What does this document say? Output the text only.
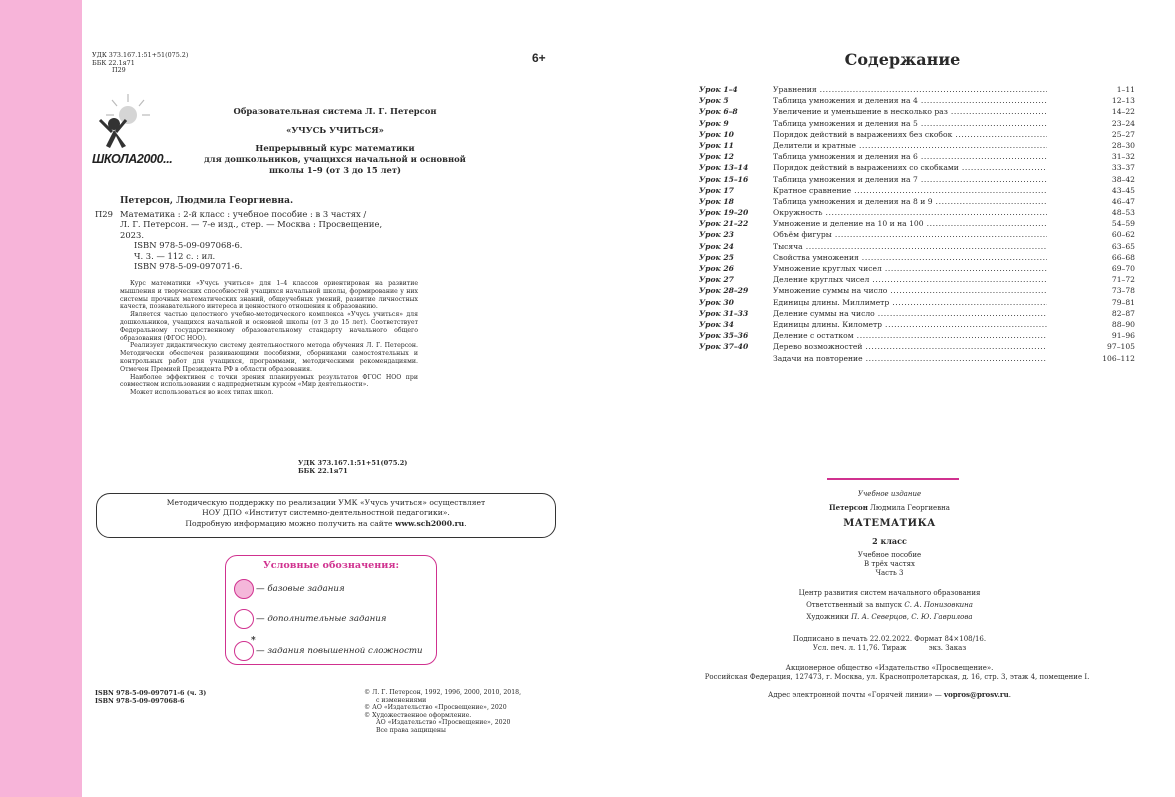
УДК 373.167.1:51+51(075.2)
ББК 22.1я71
П29
6+
ШКОЛА2000...
Образовательная система Л. Г. Петерсон
«УЧУСЬ УЧИТЬСЯ»
Непрерывный курс математики
для дошкольников, учащихся начальной и основной
школы 1–9 (от 3 до 15 лет)
Петерсон, Людмила Георгиевна.
П29 Математика : 2-й класс : учебное пособие : в 3 частях /
Л. Г. Петерсон. — 7-е изд., стер. — Москва : Просвещение,
2023.
ISBN 978-5-09-097068-6.
Ч. 3. — 112 с. : ил.
ISBN 978-5-09-097071-6.

Курс математики «Учусь учиться» для 1–4 классов ориентирован на развитие мышления и творческих способностей учащихся начальной школы, формирование у них системы прочных математических знаний, общеучебных умений, развитие личностных качеств, познавательного интереса и ценностного отношения к образованию.

Является частью целостного учебно-методического комплекса «Учусь учиться» для дошкольников, учащихся начальной и основной школы (от 3 до 15 лет). Соответствует Федеральному государственному образовательному стандарту начального общего образования (ФГОС НОО).

Реализует дидактическую систему деятельностного метода обучения Л. Г. Петерсон. Методически обеспечен развивающими пособиями, сборниками самостоятельных и контрольных работ для учащихся, программами, методическими рекомендациями. Отмечен Премией Президента РФ в области образования.

Наиболее эффективен с точки зрения планируемых результатов ФГОС НОО при совместном использовании с надпредметным курсом «Мир деятельности».

Может использоваться во всех типах школ.

УДК 373.167.1:51+51(075.2)
ББК 22.1я71
Методическую поддержку по реализации УМК «Учусь учиться» осуществляет
НОУ ДПО «Институт системно-деятельностной педагогики».
Подробную информацию можно получить на сайте www.sch2000.ru.
Условные обозначения:
— базовые задания
— дополнительные задания
*
— задания повышенной сложности
ISBN 978-5-09-097071-6 (ч. 3)
ISBN 978-5-09-097068-6
© Л. Г. Петерсон, 1992, 1996, 2000, 2010, 2018,
с изменениями
© АО «Издательство «Просвещение», 2020
© Художественное оформление.
АО «Издательство «Просвещение», 2020
Все права защищены
Содержание
Урок 1–4	Уравнения .....	1–11
Урок 5	Таблица умножения и деления на 4 .....	12–13
Урок 6–8	Увеличение и уменьшение в несколько раз .....	14–22
Урок 9	Таблица умножения и деления на 5 .....	23–24
Урок 10	Порядок действий в выражениях без скобок .....	25–27
Урок 11	Делители и кратные .....	28–30
Урок 12	Таблица умножения и деления на 6 .....	31–32
Урок 13–14	Порядок действий в выражениях со скобками .....	33–37
Урок 15–16	Таблица умножения и деления на 7 .....	38–42
Урок 17	Кратное сравнение .....	43–45
Урок 18	Таблица умножения и деления на 8 и 9 .....	46–47
Урок 19–20	Окружность .....	48–53
Урок 21–22	Умножение и деление на 10 и на 100 .....	54–59
Урок 23	Объём фигуры .....	60–62
Урок 24	Тысяча .....	63–65
Урок 25	Свойства умножения .....	66–68
Урок 26	Умножение круглых чисел .....	69–70
Урок 27	Деление круглых чисел .....	71–72
Урок 28–29	Умножение суммы на число .....	73–78
Урок 30	Единицы длины. Миллиметр .....	79–81
Урок 31–33	Деление суммы на число .....	82–87
Урок 34	Единицы длины. Километр .....	88–90
Урок 35–36	Деление с остатком .....	91–96
Урок 37–40	Дерево возможностей .....	97–105
Задачи на повторение .....	106–112
Учебное издание
Петерсон Людмила Георгиевна
МАТЕМАТИКА
2 класс
Учебное пособие
В трёх частях
Часть 3
Центр развития систем начального образования
Ответственный за выпуск С. А. Понизовкина
Художники П. А. Северцов, С. Ю. Гаврилова
Подписано в печать 22.02.2022. Формат 84×108/16.
Усл. печ. л. 11,76. Тираж          экз. Заказ
Акционерное общество «Издательство «Просвещение».
Российская Федерация, 127473, г. Москва, ул. Краснопролетарская, д. 16, стр. 3, этаж 4, помещение I.
Адрес электронной почты «Горячей линии» — vopros@prosv.ru.
